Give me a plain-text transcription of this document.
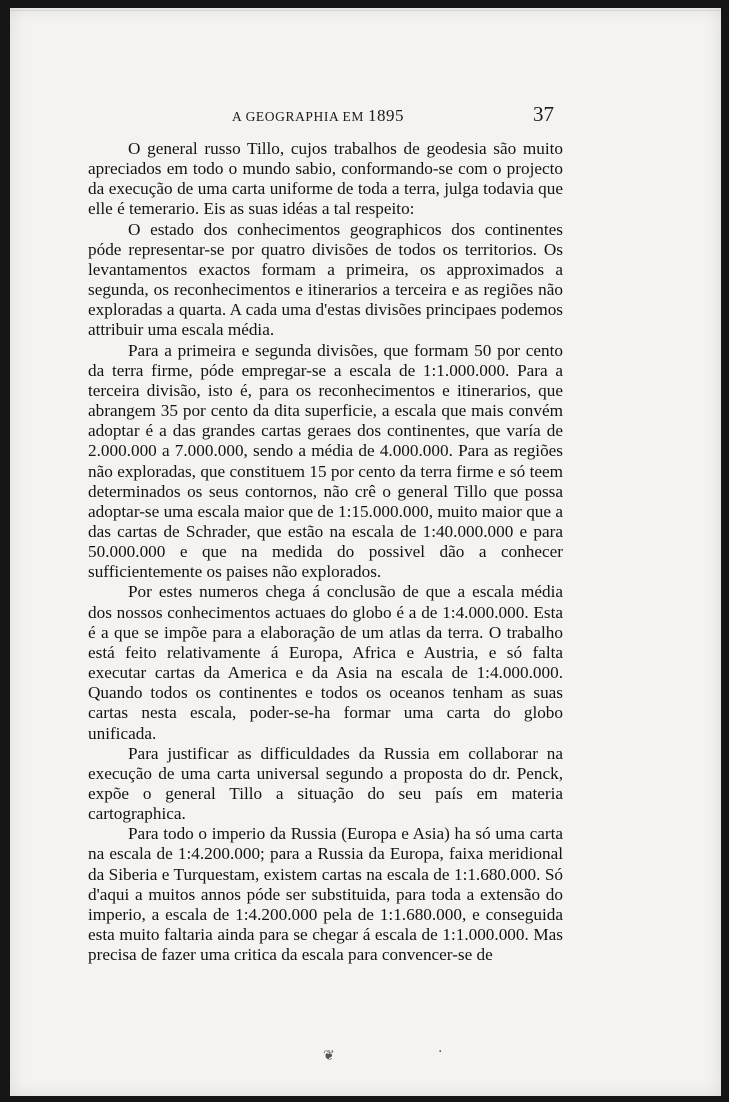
A GEOGRAPHIA EM 1895	37

O general russo Tillo, cujos trabalhos de geodesia são muito apreciados em todo o mundo sabio, conformando-se com o projecto da execução de uma carta uniforme de toda a terra, julga todavia que elle é temerario. Eis as suas idéas a tal respeito:

O estado dos conhecimentos geographicos dos continentes póde representar-se por quatro divisões de todos os territorios. Os levantamentos exactos formam a primeira, os approximados a segunda, os reconhecimentos e itinerarios a terceira e as regiões não exploradas a quarta. A cada uma d'estas divisões principaes podemos attribuir uma escala média.

Para a primeira e segunda divisões, que formam 50 por cento da terra firme, póde empregar-se a escala de 1:1.000.000. Para a terceira divisão, isto é, para os reconhecimentos e itinerarios, que abrangem 35 por cento da dita superficie, a escala que mais convém adoptar é a das grandes cartas geraes dos continentes, que varía de 2.000.000 a 7.000.000, sendo a média de 4.000.000. Para as regiões não exploradas, que constituem 15 por cento da terra firme e só teem determinados os seus contornos, não crê o general Tillo que possa adoptar-se uma escala maior que de 1:15.000.000, muito maior que a das cartas de Schrader, que estão na escala de 1:40.000.000 e para 50.000.000 e que na medida do possivel dão a conhecer sufficientemente os paises não explorados.

Por estes numeros chega á conclusão de que a escala média dos nossos conhecimentos actuaes do globo é a de 1:4.000.000. Esta é a que se impõe para a elaboração de um atlas da terra. O trabalho está feito relativamente á Europa, Africa e Austria, e só falta executar cartas da America e da Asia na escala de 1:4.000.000. Quando todos os continentes e todos os oceanos tenham as suas cartas nesta escala, poder-se-ha formar uma carta do globo unificada.

Para justificar as difficuldades da Russia em collaborar na execução de uma carta universal segundo a proposta do dr. Penck, expõe o general Tillo a situação do seu país em materia cartographica.

Para todo o imperio da Russia (Europa e Asia) ha só uma carta na escala de 1:4.200.000; para a Russia da Europa, faixa meridional da Siberia e Turquestam, existem cartas na escala de 1:1.680.000. Só d'aqui a muitos annos póde ser substituida, para toda a extensão do imperio, a escala de 1:4.200.000 pela de 1:1.680.000, e conseguida esta muito faltaria ainda para se chegar á escala de 1:1.000.000. Mas precisa de fazer uma critica da escala para convencer-se de

❦	·
